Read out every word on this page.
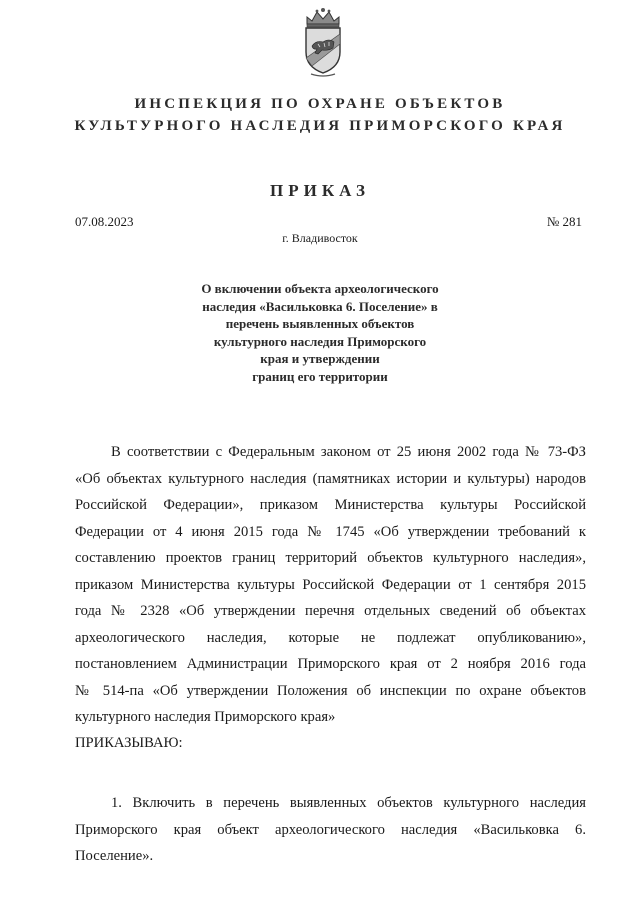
ИНСПЕКЦИЯ ПО ОХРАНЕ ОБЪЕКТОВ
КУЛЬТУРНОГО НАСЛЕДИЯ ПРИМОРСКОГО КРАЯ
ПРИКАЗ
07.08.2023	№ 281
г. Владивосток
О включении объекта археологического
наследия «Васильковка 6. Поселение» в
перечень выявленных объектов
культурного наследия Приморского
края и утверждении
границ его территории
В соответствии с Федеральным законом от 25 июня 2002 года № 73-ФЗ
«Об объектах культурного наследия (памятниках истории и культуры) народов
Российской Федерации», приказом Министерства культуры Российской
Федерации от 4 июня 2015 года № 1745 «Об утверждении требований к
составлению проектов границ территорий объектов культурного наследия»,
приказом Министерства культуры Российской Федерации от 1 сентября 2015
года № 2328 «Об утверждении перечня отдельных сведений об объектах
археологического наследия, которые не подлежат опубликованию»,
постановлением Администрации Приморского края от 2 ноября 2016 года
№ 514-па «Об утверждении Положения об инспекции по охране объектов
культурного наследия Приморского края»
ПРИКАЗЫВАЮ:
1. Включить в перечень выявленных объектов культурного наследия
Приморского края объект археологического наследия «Васильковка 6.
Поселение».
